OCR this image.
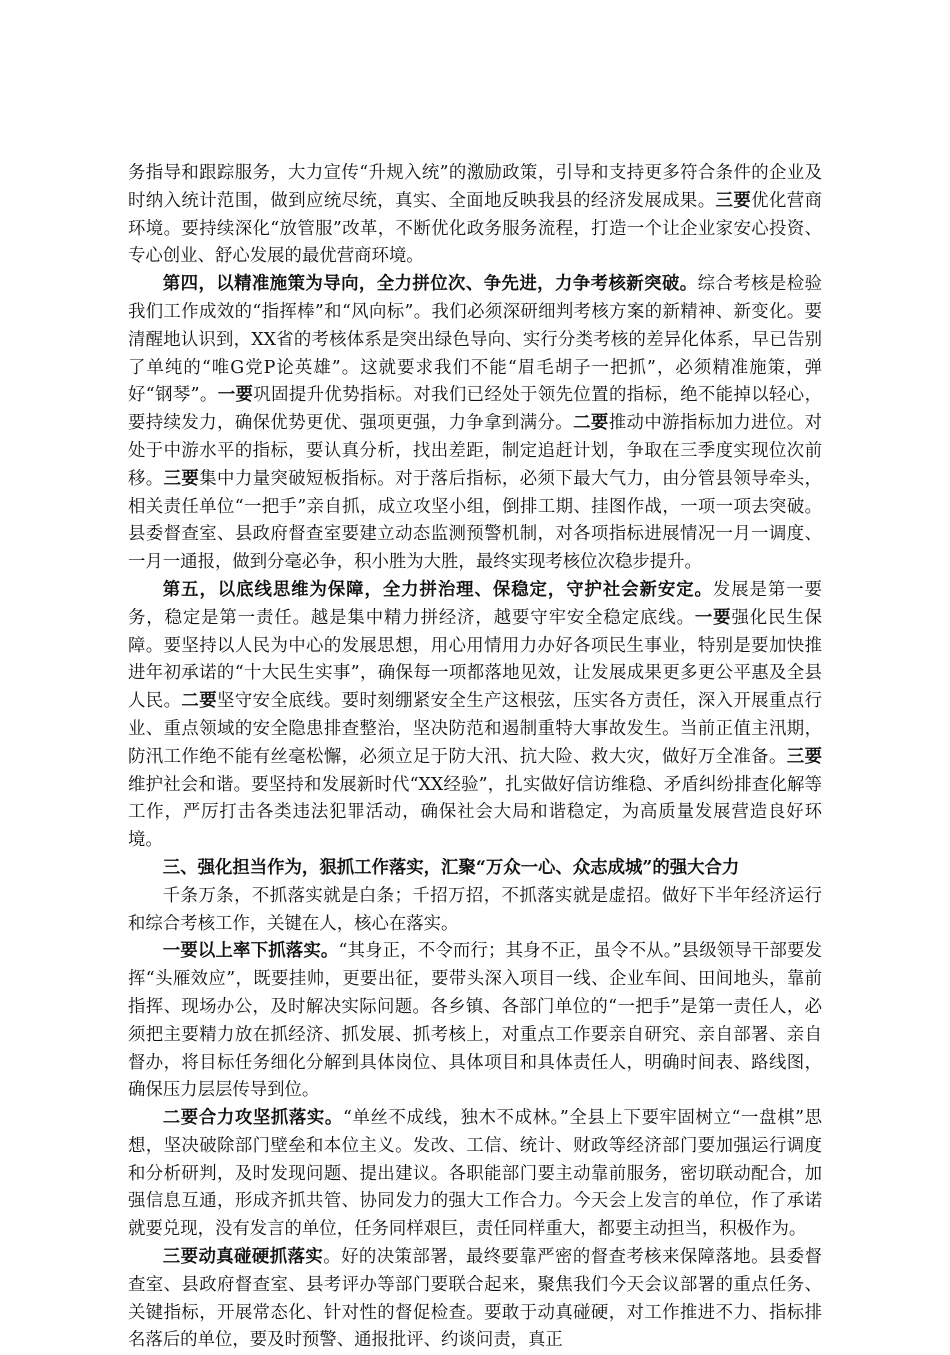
务指导和跟踪服务，大力宣传“升规入统”的激励政策，引导和支持更多符合条件的企业及时纳入统计范围，做到应统尽统，真实、全面地反映我县的经济发展成果。三要优化营商环境。要持续深化“放管服”改革，不断优化政务服务流程，打造一个让企业家安心投资、专心创业、舒心发展的最优营商环境。

第四，以精准施策为导向，全力拼位次、争先进，力争考核新突破。综合考核是检验我们工作成效的“指挥棒”和“风向标”。我们必须深研细判考核方案的新精神、新变化。要清醒地认识到，XX省的考核体系是突出绿色导向、实行分类考核的差异化体系，早已告别了单纯的“唯G党P论英雄”。这就要求我们不能“眉毛胡子一把抓”，必须精准施策，弹好“钢琴”。一要巩固提升优势指标。对我们已经处于领先位置的指标，绝不能掉以轻心，要持续发力，确保优势更优、强项更强，力争拿到满分。二要推动中游指标加力进位。对处于中游水平的指标，要认真分析，找出差距，制定追赶计划，争取在三季度实现位次前移。三要集中力量突破短板指标。对于落后指标，必须下最大气力，由分管县领导牵头，相关责任单位“一把手”亲自抓，成立攻坚小组，倒排工期、挂图作战，一项一项去突破。县委督查室、县政府督查室要建立动态监测预警机制，对各项指标进展情况一月一调度、一月一通报，做到分毫必争，积小胜为大胜，最终实现考核位次稳步提升。

第五，以底线思维为保障，全力拼治理、保稳定，守护社会新安定。发展是第一要务，稳定是第一责任。越是集中精力拼经济，越要守牢安全稳定底线。一要强化民生保障。要坚持以人民为中心的发展思想，用心用情用力办好各项民生事业，特别是要加快推进年初承诺的“十大民生实事”，确保每一项都落地见效，让发展成果更多更公平惠及全县人民。二要坚守安全底线。要时刻绷紧安全生产这根弦，压实各方责任，深入开展重点行业、重点领域的安全隐患排查整治，坚决防范和遏制重特大事故发生。当前正值主汛期，防汛工作绝不能有丝毫松懈，必须立足于防大汛、抗大险、救大灾，做好万全准备。三要维护社会和谐。要坚持和发展新时代“XX经验”，扎实做好信访维稳、矛盾纠纷排查化解等工作，严厉打击各类违法犯罪活动，确保社会大局和谐稳定，为高质量发展营造良好环境。

三、强化担当作为，狠抓工作落实，汇聚“万众一心、众志成城”的强大合力

千条万条，不抓落实就是白条；千招万招，不抓落实就是虚招。做好下半年经济运行和综合考核工作，关键在人，核心在落实。

一要以上率下抓落实。“其身正，不令而行；其身不正，虽令不从。”县级领导干部要发挥“头雁效应”，既要挂帅，更要出征，要带头深入项目一线、企业车间、田间地头，靠前指挥、现场办公，及时解决实际问题。各乡镇、各部门单位的“一把手”是第一责任人，必须把主要精力放在抓经济、抓发展、抓考核上，对重点工作要亲自研究、亲自部署、亲自督办，将目标任务细化分解到具体岗位、具体项目和具体责任人，明确时间表、路线图，确保压力层层传导到位。

二要合力攻坚抓落实。“单丝不成线，独木不成林。”全县上下要牢固树立“一盘棋”思想，坚决破除部门壁垒和本位主义。发改、工信、统计、财政等经济部门要加强运行调度和分析研判，及时发现问题、提出建议。各职能部门要主动靠前服务，密切联动配合，加强信息互通，形成齐抓共管、协同发力的强大工作合力。今天会上发言的单位，作了承诺就要兑现，没有发言的单位，任务同样艰巨，责任同样重大，都要主动担当，积极作为。

三要动真碰硬抓落实。好的决策部署，最终要靠严密的督查考核来保障落地。县委督查室、县政府督查室、县考评办等部门要联合起来，聚焦我们今天会议部署的重点任务、关键指标，开展常态化、针对性的督促检查。要敢于动真碰硬，对工作推进不力、指标排名落后的单位，要及时预警、通报批评、约谈问责，真正
